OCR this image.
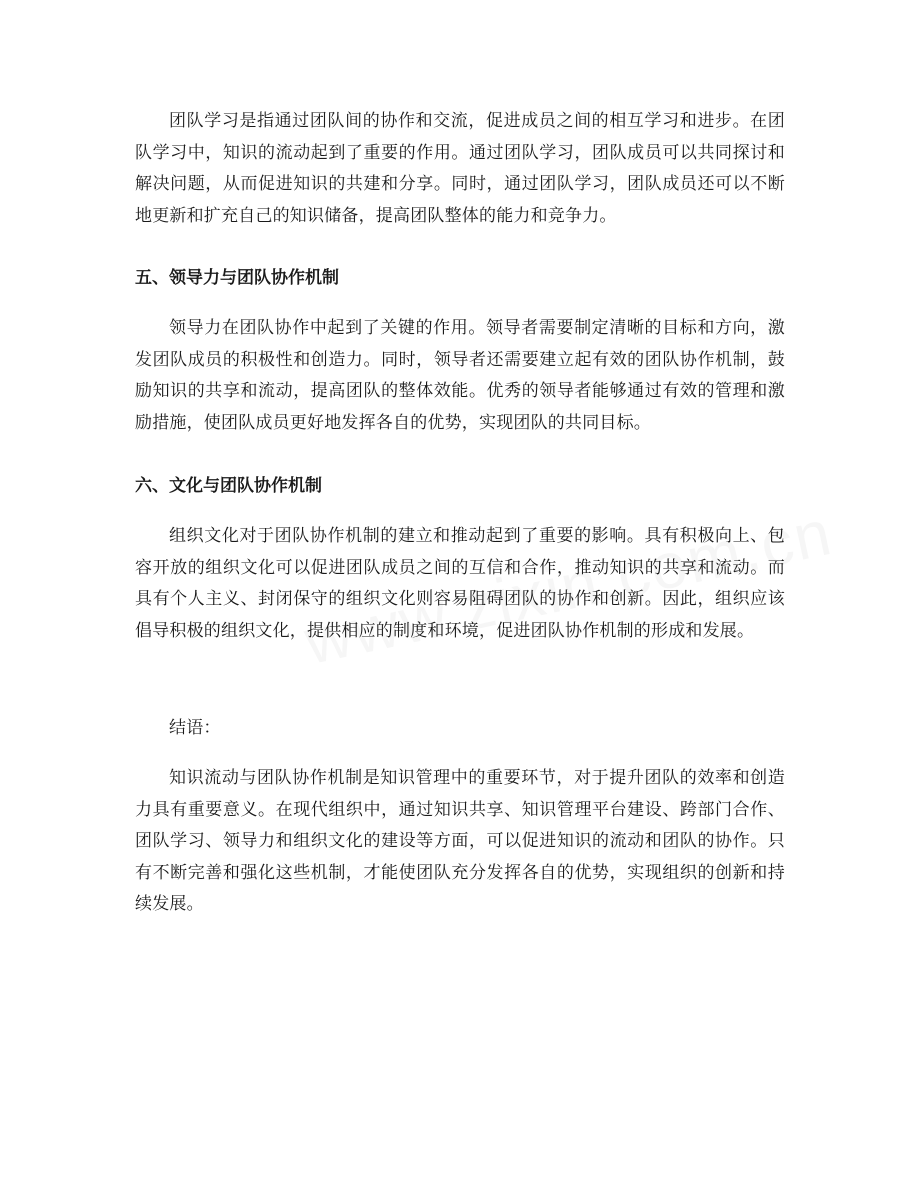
团队学习是指通过团队间的协作和交流，促进成员之间的相互学习和进步。在团队学习中，知识的流动起到了重要的作用。通过团队学习，团队成员可以共同探讨和解决问题，从而促进知识的共建和分享。同时，通过团队学习，团队成员还可以不断地更新和扩充自己的知识储备，提高团队整体的能力和竞争力。

五、领导力与团队协作机制

领导力在团队协作中起到了关键的作用。领导者需要制定清晰的目标和方向，激发团队成员的积极性和创造力。同时，领导者还需要建立起有效的团队协作机制，鼓励知识的共享和流动，提高团队的整体效能。优秀的领导者能够通过有效的管理和激励措施，使团队成员更好地发挥各自的优势，实现团队的共同目标。

六、文化与团队协作机制

组织文化对于团队协作机制的建立和推动起到了重要的影响。具有积极向上、包容开放的组织文化可以促进团队成员之间的互信和合作，推动知识的共享和流动。而具有个人主义、封闭保守的组织文化则容易阻碍团队的协作和创新。因此，组织应该倡导积极的组织文化，提供相应的制度和环境，促进团队协作机制的形成和发展。

结语：

知识流动与团队协作机制是知识管理中的重要环节，对于提升团队的效率和创造力具有重要意义。在现代组织中，通过知识共享、知识管理平台建设、跨部门合作、团队学习、领导力和组织文化的建设等方面，可以促进知识的流动和团队的协作。只有不断完善和强化这些机制，才能使团队充分发挥各自的优势，实现组织的创新和持续发展。
